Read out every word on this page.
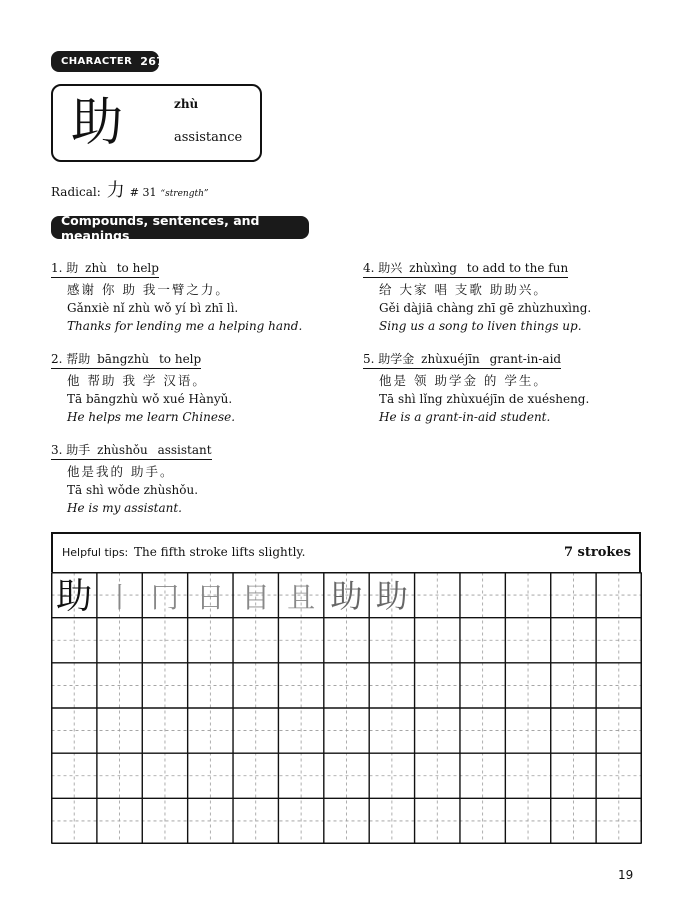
CHARACTER 267
助	zhù
assistance
Radical: 力 # 31 “strength”
Compounds, sentences, and meanings
1. 助 zhù to help
感谢 你 助 我一臂之力。
Gǎnxiè nǐ zhù wǒ yí bì zhī lì.
Thanks for lending me a helping hand.
2. 帮助 bāngzhù to help
他 帮助 我 学 汉语。
Tā bāngzhù wǒ xué Hànyǔ.
He helps me learn Chinese.
3. 助手 zhùshǒu assistant
他是我的 助手。
Tā shì wǒde zhùshǒu.
He is my assistant.
4. 助兴 zhùxìng to add to the fun
给 大家 唱 支歌 助助兴。
Gěi dàjiā chàng zhī gē zhùzhuxìng.
Sing us a song to liven things up.
5. 助学金 zhùxuéjīn grant-in-aid
他是 领 助学金 的 学生。
Tā shì lǐng zhùxuéjīn de xuésheng.
He is a grant-in-aid student.
Helpful tips: The fifth stroke lifts slightly.	7 strokes
助 丨 冂 日 目 且 助 助
19
